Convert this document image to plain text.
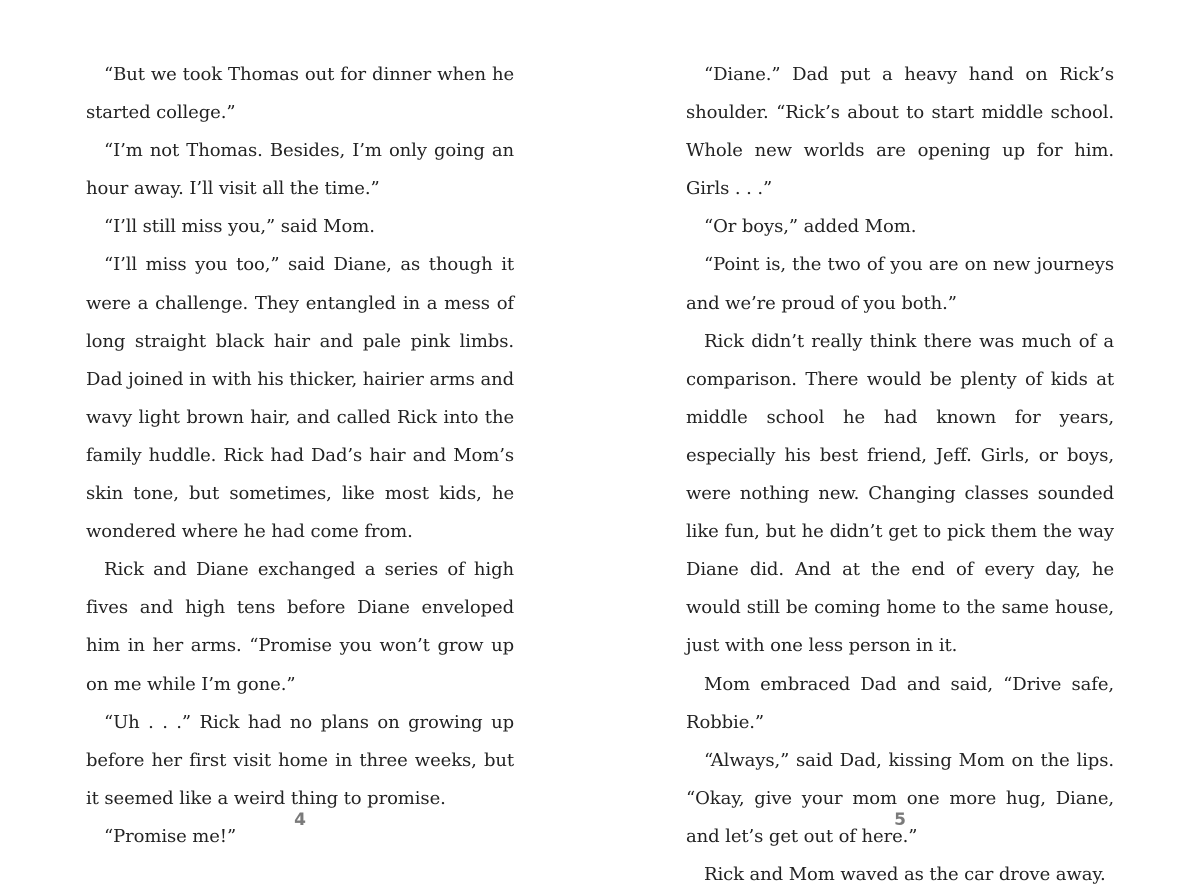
“But we took Thomas out for dinner when he started college.”

“I’m not Thomas. Besides, I’m only going an hour away. I’ll visit all the time.”

“I’ll still miss you,” said Mom.

“I’ll miss you too,” said Diane, as though it were a challenge. They entangled in a mess of long straight black hair and pale pink limbs. Dad joined in with his thicker, hairier arms and wavy light brown hair, and called Rick into the family huddle. Rick had Dad’s hair and Mom’s skin tone, but sometimes, like most kids, he wondered where he had come from.

Rick and Diane exchanged a series of high fives and high tens before Diane enveloped him in her arms. “Promise you won’t grow up on me while I’m gone.”

“Uh . . .” Rick had no plans on growing up before her first visit home in three weeks, but it seemed like a weird thing to promise.

“Promise me!”

4

“Diane.” Dad put a heavy hand on Rick’s shoulder. “Rick’s about to start middle school. Whole new worlds are opening up for him. Girls . . .”

“Or boys,” added Mom.

“Point is, the two of you are on new journeys and we’re proud of you both.”

Rick didn’t really think there was much of a comparison. There would be plenty of kids at middle school he had known for years, especially his best friend, Jeff. Girls, or boys, were nothing new. Changing classes sounded like fun, but he didn’t get to pick them the way Diane did. And at the end of every day, he would still be coming home to the same house, just with one less person in it.

Mom embraced Dad and said, “Drive safe, Robbie.”

“Always,” said Dad, kissing Mom on the lips. “Okay, give your mom one more hug, Diane, and let’s get out of here.”

Rick and Mom waved as the car drove away.

5
